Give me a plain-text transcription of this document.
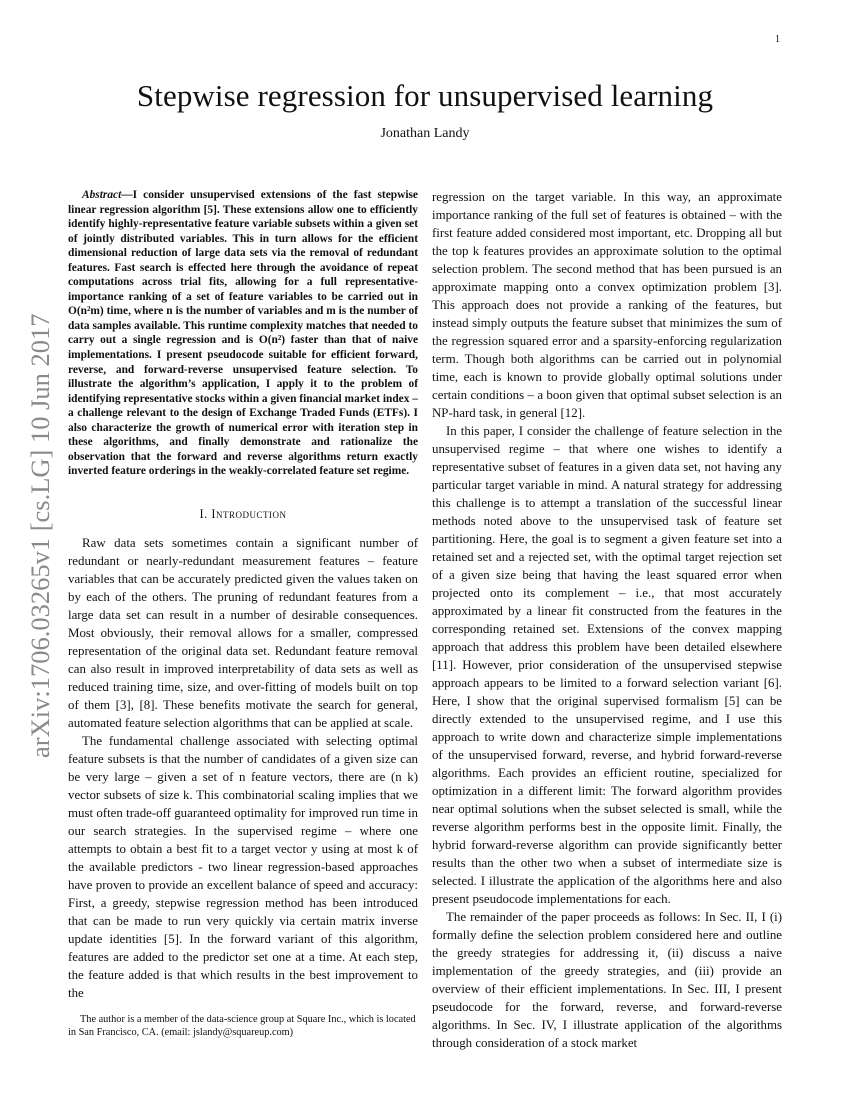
1
arXiv:1706.03265v1 [cs.LG] 10 Jun 2017
Stepwise regression for unsupervised learning
Jonathan Landy

Abstract—I consider unsupervised extensions of the fast stepwise linear regression algorithm [5]. These extensions allow one to efficiently identify highly-representative feature variable subsets within a given set of jointly distributed variables. This in turn allows for the efficient dimensional reduction of large data sets via the removal of redundant features. Fast search is effected here through the avoidance of repeat computations across trial fits, allowing for a full representative-importance ranking of a set of feature variables to be carried out in O(n²m) time, where n is the number of variables and m is the number of data samples available. This runtime complexity matches that needed to carry out a single regression and is O(n²) faster than that of naive implementations. I present pseudocode suitable for efficient forward, reverse, and forward-reverse unsupervised feature selection. To illustrate the algorithm’s application, I apply it to the problem of identifying representative stocks within a given financial market index – a challenge relevant to the design of Exchange Traded Funds (ETFs). I also characterize the growth of numerical error with iteration step in these algorithms, and finally demonstrate and rationalize the observation that the forward and reverse algorithms return exactly inverted feature orderings in the weakly-correlated feature set regime.

I. Introduction

Raw data sets sometimes contain a significant number of redundant or nearly-redundant measurement features – feature variables that can be accurately predicted given the values taken on by each of the others. The pruning of redundant features from a large data set can result in a number of desirable consequences. Most obviously, their removal allows for a smaller, compressed representation of the original data set. Redundant feature removal can also result in improved interpretability of data sets as well as reduced training time, size, and over-fitting of models built on top of them [3], [8]. These benefits motivate the search for general, automated feature selection algorithms that can be applied at scale.

The fundamental challenge associated with selecting optimal feature subsets is that the number of candidates of a given size can be very large – given a set of n feature vectors, there are (n k) vector subsets of size k. This combinatorial scaling implies that we must often trade-off guaranteed optimality for improved run time in our search strategies. In the supervised regime – where one attempts to obtain a best fit to a target vector y using at most k of the available predictors - two linear regression-based approaches have proven to provide an excellent balance of speed and accuracy: First, a greedy, stepwise regression method has been introduced that can be made to run very quickly via certain matrix inverse update identities [5]. In the forward variant of this algorithm, features are added to the predictor set one at a time. At each step, the feature added is that which results in the best improvement to the

regression on the target variable. In this way, an approximate importance ranking of the full set of features is obtained – with the first feature added considered most important, etc. Dropping all but the top k features provides an approximate solution to the optimal selection problem. The second method that has been pursued is an approximate mapping onto a convex optimization problem [3]. This approach does not provide a ranking of the features, but instead simply outputs the feature subset that minimizes the sum of the regression squared error and a sparsity-enforcing regularization term. Though both algorithms can be carried out in polynomial time, each is known to provide globally optimal solutions under certain conditions – a boon given that optimal subset selection is an NP-hard task, in general [12].

In this paper, I consider the challenge of feature selection in the unsupervised regime – that where one wishes to identify a representative subset of features in a given data set, not having any particular target variable in mind. A natural strategy for addressing this challenge is to attempt a translation of the successful linear methods noted above to the unsupervised task of feature set partitioning. Here, the goal is to segment a given feature set into a retained set and a rejected set, with the optimal target rejection set of a given size being that having the least squared error when projected onto its complement – i.e., that most accurately approximated by a linear fit constructed from the features in the corresponding retained set. Extensions of the convex mapping approach that address this problem have been detailed elsewhere [11]. However, prior consideration of the unsupervised stepwise approach appears to be limited to a forward selection variant [6]. Here, I show that the original supervised formalism [5] can be directly extended to the unsupervised regime, and I use this approach to write down and characterize simple implementations of the unsupervised forward, reverse, and hybrid forward-reverse algorithms. Each provides an efficient routine, specialized for optimization in a different limit: The forward algorithm provides near optimal solutions when the subset selected is small, while the reverse algorithm performs best in the opposite limit. Finally, the hybrid forward-reverse algorithm can provide significantly better results than the other two when a subset of intermediate size is selected. I illustrate the application of the algorithms here and also present pseudocode implementations for each.

The remainder of the paper proceeds as follows: In Sec. II, I (i) formally define the selection problem considered here and outline the greedy strategies for addressing it, (ii) discuss a naive implementation of the greedy strategies, and (iii) provide an overview of their efficient implementations. In Sec. III, I present pseudocode for the forward, reverse, and forward-reverse algorithms. In Sec. IV, I illustrate application of the algorithms through consideration of a stock market

The author is a member of the data-science group at Square Inc., which is located in San Francisco, CA. (email: jslandy@squareup.com)
